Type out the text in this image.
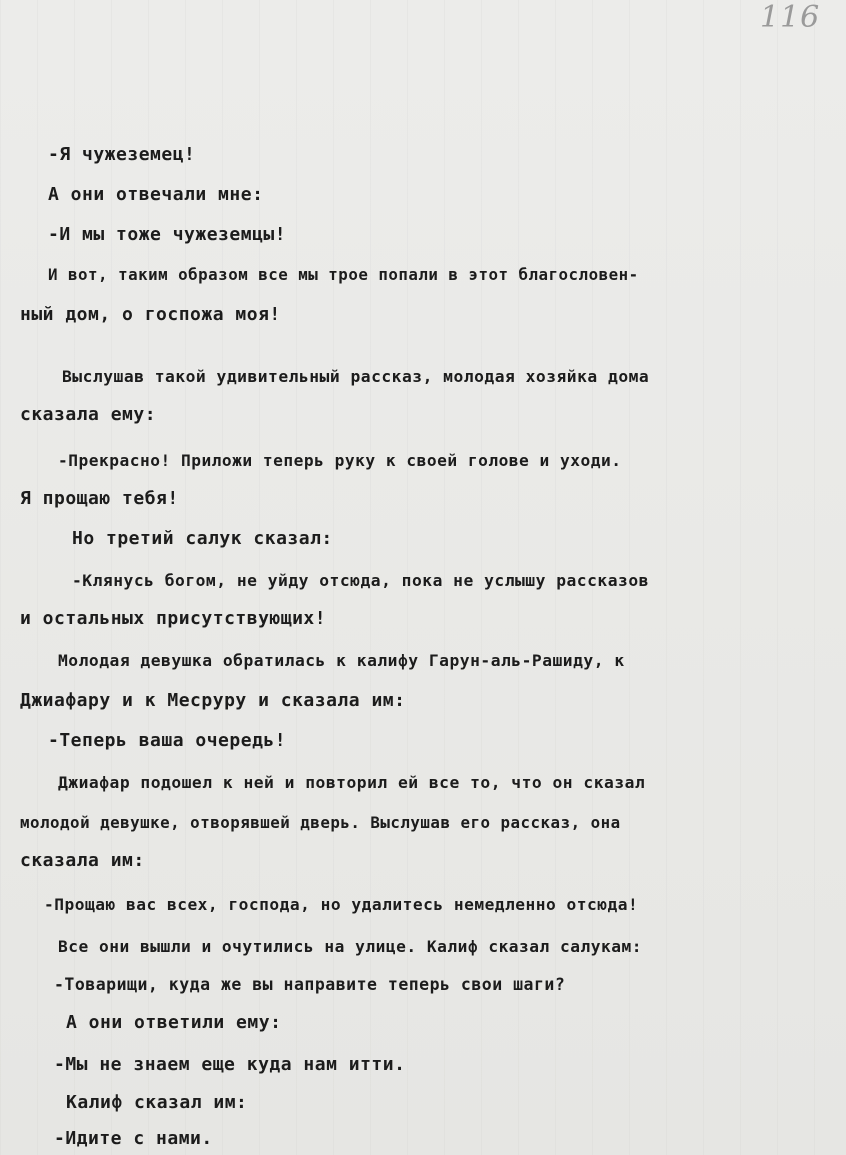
116
-Я чужеземец!
А они отвечали мне:
-И мы тоже чужеземцы!
И вот, таким образом все мы трое попали в этот благословен-
ный дом, о госпожа моя!
Выслушав такой удивительный рассказ, молодая хозяйка дома
сказала ему:
-Прекрасно! Приложи теперь руку к своей голове и уходи.
Я прощаю тебя!
Но третий салук сказал:
-Клянусь богом, не уйду отсюда, пока не услышу рассказов
и остальных присутствующих!
Молодая девушка обратилась к калифу Гарун-аль-Рашиду, к
Джиафару и к Месруру и сказала им:
-Теперь ваша очередь!
Джиафар подошел к ней и повторил ей все то, что он сказал
молодой девушке, отворявшей дверь. Выслушав его рассказ, она
сказала им:
-Прощаю вас всех, господа, но удалитесь немедленно отсюда!
Все они вышли и очутились на улице. Калиф сказал салукам:
-Товарищи, куда же вы направите теперь свои шаги?
А они ответили ему:
-Мы не знаем еще куда нам итти.
Калиф сказал им:
-Идите с нами.
